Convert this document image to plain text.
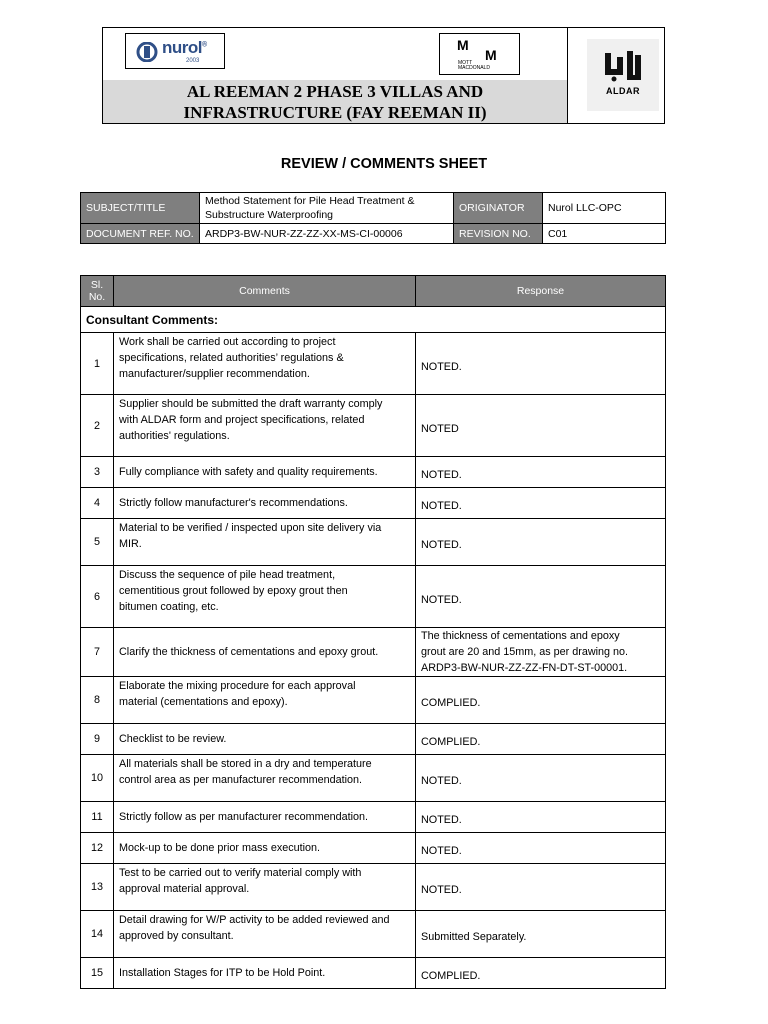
nurol®
2003
M
M
MOTT
MACDONALD
AL REEMAN 2 PHASE 3 VILLAS AND
INFRASTRUCTURE (FAY REEMAN II)
ALDAR
REVIEW / COMMENTS SHEET
SUBJECT/TITLE	Method Statement for Pile Head Treatment &
Substructure Waterproofing	ORIGINATOR	Nurol LLC-OPC
DOCUMENT REF. NO.	ARDP3-BW-NUR-ZZ-ZZ-XX-MS-CI-00006	REVISION NO.	C01
Sl.
No.	Comments	Response
Consultant Comments:		
1	Work shall be carried out according to project
specifications, related authorities’ regulations &
manufacturer/supplier recommendation.	NOTED.
2	Supplier should be submitted the draft warranty comply
with ALDAR form and project specifications, related
authorities' regulations.	NOTED
3	Fully compliance with safety and quality requirements.	NOTED.
4	Strictly follow manufacturer's recommendations.	NOTED.
5	Material to be verified / inspected upon site delivery via
MIR.	NOTED.
6	Discuss the sequence of pile head treatment,
cementitious grout followed by epoxy grout then
bitumen coating, etc.	NOTED.
7	Clarify the thickness of cementations and epoxy grout.	The thickness of cementations and epoxy
grout are 20 and 15mm, as per drawing no.
ARDP3-BW-NUR-ZZ-ZZ-FN-DT-ST-00001.
8	Elaborate the mixing procedure for each approval
material (cementations and epoxy).	COMPLIED.
9	Checklist to be review.	COMPLIED.
10	All materials shall be stored in a dry and temperature
control area as per manufacturer recommendation.	NOTED.
11	Strictly follow as per manufacturer recommendation.	NOTED.
12	Mock-up to be done prior mass execution.	NOTED.
13	Test to be carried out to verify material comply with
approval material approval.	NOTED.
14	Detail drawing for W/P activity to be added reviewed and
approved by consultant.	Submitted Separately.
15	Installation Stages for ITP to be Hold Point.	COMPLIED.
